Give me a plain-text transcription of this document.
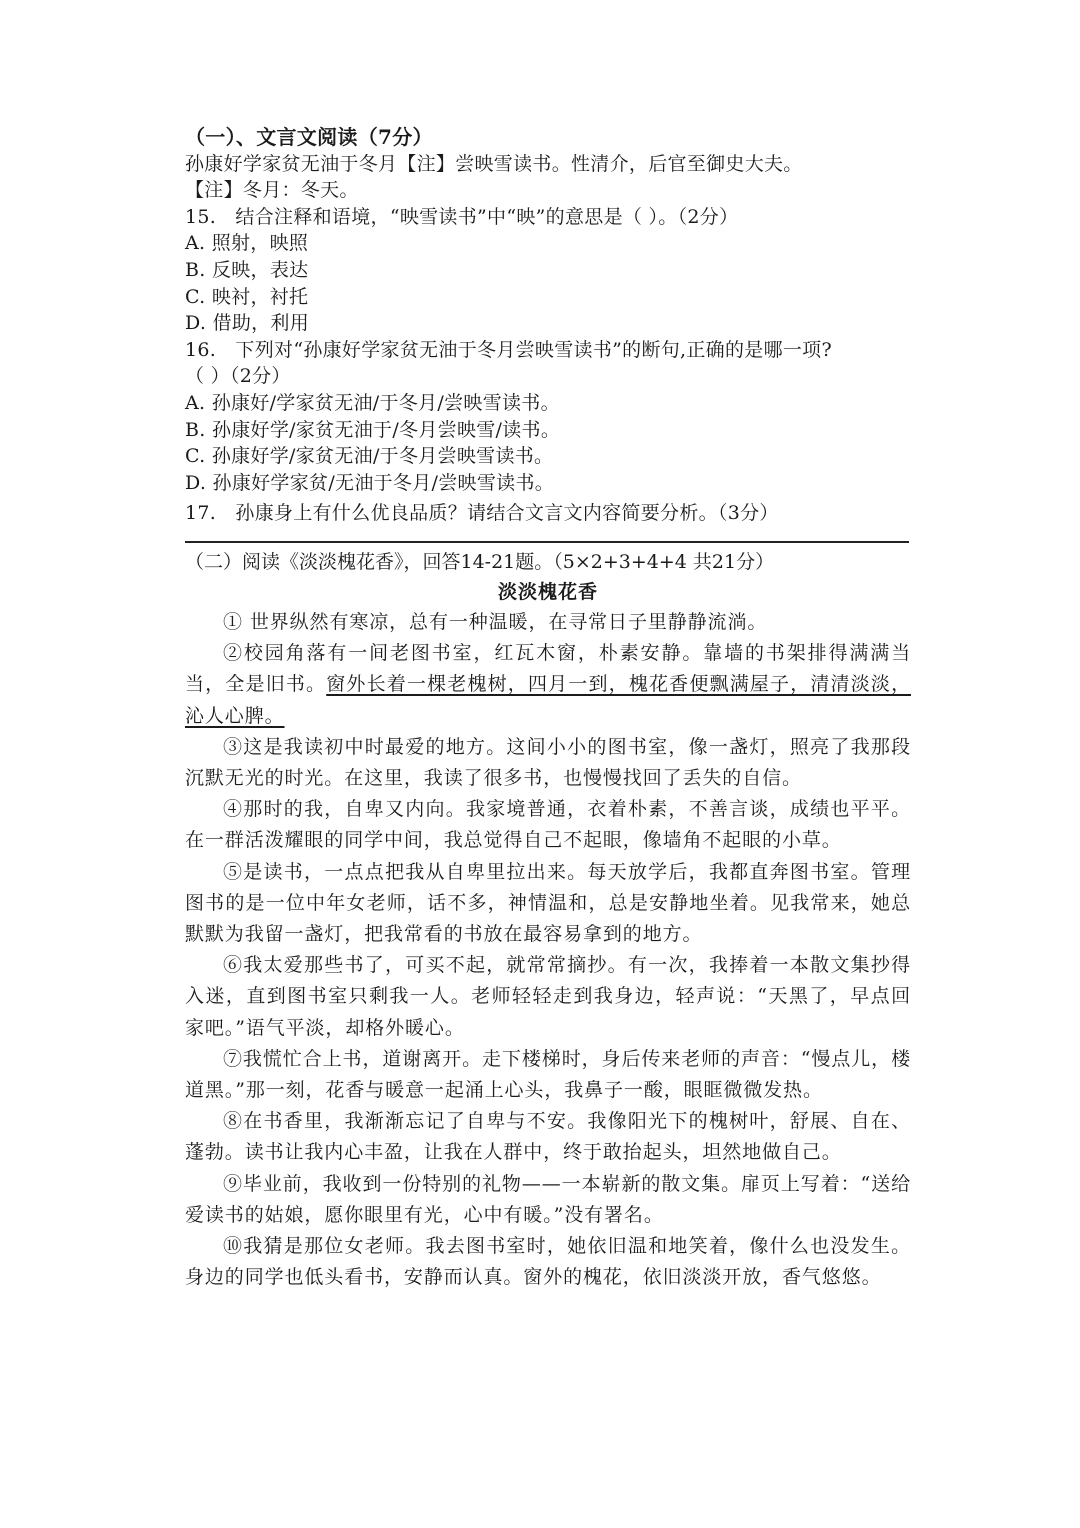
（一）、文言文阅读（7分）
孙康好学家贫无油于冬月【注】尝映雪读书。性清介，后官至御史大夫。
【注】冬月：冬天。
15.　结合注释和语境，“映雪读书”中“映”的意思是（ ）。（2分）
A. 照射，映照
B. 反映，表达
C. 映衬，衬托
D. 借助，利用
16.　下列对“孙康好学家贫无油于冬月尝映雪读书”的断句,正确的是哪一项?
（ ）（2分）
A. 孙康好/学家贫无油/于冬月/尝映雪读书。
B. 孙康好学/家贫无油于/冬月尝映雪/读书。
C. 孙康好学/家贫无油/于冬月尝映雪读书。
D. 孙康好学家贫/无油于冬月/尝映雪读书。
17.　孙康身上有什么优良品质？请结合文言文内容简要分析。（3分）
（二）阅读《淡淡槐花香》，回答14-21题。（5×2+3+4+4 共21分）
淡淡槐花香

① 世界纵然有寒凉，总有一种温暖，在寻常日子里静静流淌。

②校园角落有一间老图书室，红瓦木窗，朴素安静。靠墙的书架排得满满当当，全是旧书。窗外长着一棵老槐树，四月一到，槐花香便飘满屋子，清清淡淡，沁人心脾。

③这是我读初中时最爱的地方。这间小小的图书室，像一盏灯，照亮了我那段沉默无光的时光。在这里，我读了很多书，也慢慢找回了丢失的自信。

④那时的我，自卑又内向。我家境普通，衣着朴素，不善言谈，成绩也平平。在一群活泼耀眼的同学中间，我总觉得自己不起眼，像墙角不起眼的小草。

⑤是读书，一点点把我从自卑里拉出来。每天放学后，我都直奔图书室。管理图书的是一位中年女老师，话不多，神情温和，总是安静地坐着。见我常来，她总默默为我留一盏灯，把我常看的书放在最容易拿到的地方。

⑥我太爱那些书了，可买不起，就常常摘抄。有一次，我捧着一本散文集抄得入迷，直到图书室只剩我一人。老师轻轻走到我身边，轻声说：“天黑了，早点回家吧。”语气平淡，却格外暖心。

⑦我慌忙合上书，道谢离开。走下楼梯时，身后传来老师的声音：“慢点儿，楼道黑。”那一刻，花香与暖意一起涌上心头，我鼻子一酸，眼眶微微发热。

⑧在书香里，我渐渐忘记了自卑与不安。我像阳光下的槐树叶，舒展、自在、蓬勃。读书让我内心丰盈，让我在人群中，终于敢抬起头，坦然地做自己。

⑨毕业前，我收到一份特别的礼物——一本崭新的散文集。扉页上写着：“送给爱读书的姑娘，愿你眼里有光，心中有暖。”没有署名。

⑩我猜是那位女老师。我去图书室时，她依旧温和地笑着，像什么也没发生。身边的同学也低头看书，安静而认真。窗外的槐花，依旧淡淡开放，香气悠悠。
